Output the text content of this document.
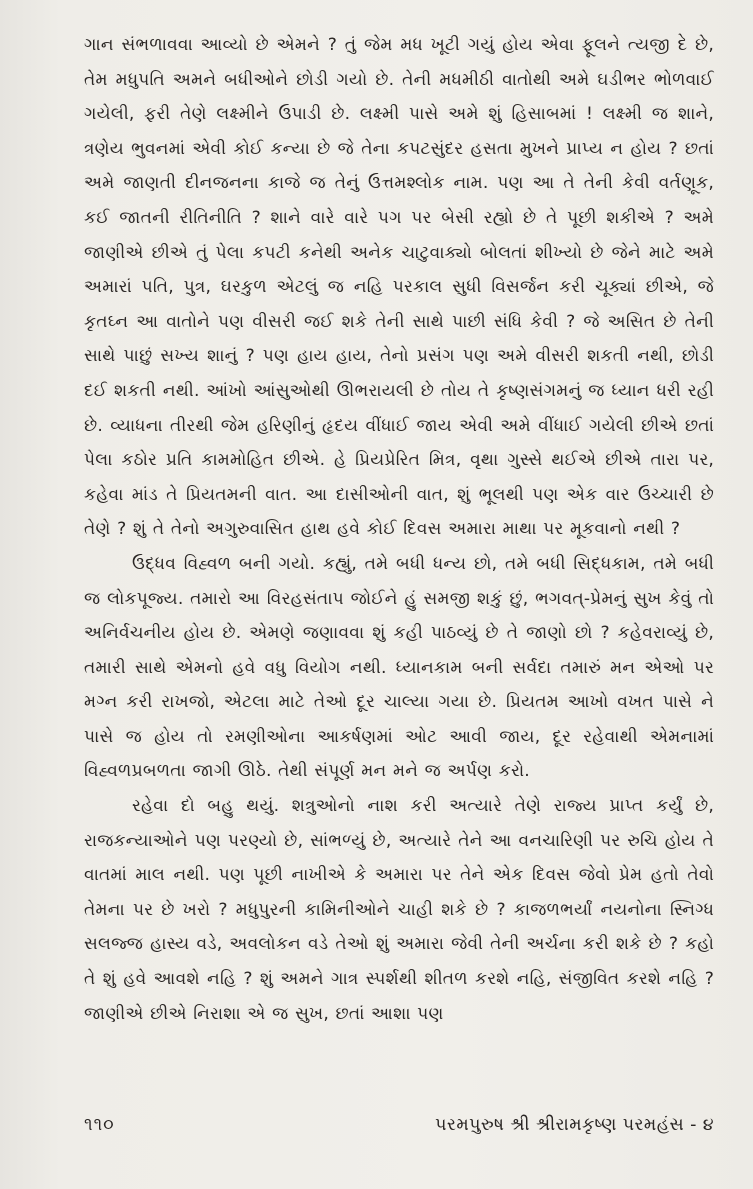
ગાન સંભળાવવા આવ્યો છે એમને ? તું જેમ મધ ખૂટી ગયું હોય એવા ફૂલને ત્યજી દે છે, તેમ મધુપતિ અમને બધીઓને છોડી ગયો છે. તેની મધમીઠી વાતોથી અમે ઘડીભર ભોળવાઈ ગયેલી, ફરી તેણે લક્ષ્મીને ઉપાડી છે. લક્ષ્મી પાસે અમે શું હિસાબમાં ! લક્ષ્મી જ શાને, ત્રણેય ભુવનમાં એવી કોઈ કન્યા છે જે તેના કપટસુંદર હસતા મુખને પ્રાપ્ય ન હોય ? છતાં અમે જાણતી દીનજનના કાજે જ તેનું ઉત્તમશ્લોક નામ. પણ આ તે તેની કેવી વર્તણૂક, કઈ જાતની રીતિનીતિ ? શાને વારે વારે પગ પર બેસી રહ્યો છે તે પૂછી શકીએ ? અમે જાણીએ છીએ તું પેલા કપટી કનેથી અનેક ચાટુવાક્યો બોલતાં શીખ્યો છે જેને માટે અમે અમારાં પતિ, પુત્ર, ઘરકુળ એટલું જ નહિ પરકાલ સુધી વિસર્જન કરી ચૂક્યાં છીએ, જે કૃતઘ્ન આ વાતોને પણ વીસરી જઈ શકે તેની સાથે પાછી સંધિ કેવી ? જે અસિત છે તેની સાથે પાછું સખ્ય શાનું ? પણ હાય હાય, તેનો પ્રસંગ પણ અમે વીસરી શકતી નથી, છોડી દઈ શકતી નથી. આંખો આંસુઓથી ઊભરાયલી છે તોય તે કૃષ્ણસંગમનું જ ધ્યાન ધરી રહી છે. વ્યાધના તીરથી જેમ હરિણીનું હૃદય વીંધાઈ જાય એવી અમે વીંધાઈ ગયેલી છીએ છતાં પેલા કઠોર પ્રતિ કામમોહિત છીએ. હે પ્રિયપ્રેરિત મિત્ર, વૃથા ગુસ્સે થઈએ છીએ તારા પર, કહેવા માંડ તે પ્રિયતમની વાત. આ દાસીઓની વાત, શું ભૂલથી પણ એક વાર ઉચ્ચારી છે તેણે ? શું તે તેનો અગુરુવાસિત હાથ હવે કોઈ દિવસ અમારા માથા પર મૂકવાનો નથી ?

ઉદ્ધવ વિહ્વળ બની ગયો. કહ્યું, તમે બધી ધન્ય છો, તમે બધી સિદ્ધકામ, તમે બધી જ લોકપૂજ્ય. તમારો આ વિરહસંતાપ જોઈને હું સમજી શકું છું, ભગવત્-પ્રેમનું સુખ કેવું તો અનિર્વચનીય હોય છે. એમણે જણાવવા શું કહી પાઠવ્યું છે તે જાણો છો ? કહેવરાવ્યું છે, તમારી સાથે એમનો હવે વધુ વિયોગ નથી. ધ્યાનકામ બની સર્વદા તમારું મન એઓ પર મગ્ન કરી રાખજો, એટલા માટે તેઓ દૂર ચાલ્યા ગયા છે. પ્રિયતમ આખો વખત પાસે ને પાસે જ હોય તો રમણીઓના આકર્ષણમાં ઓટ આવી જાય, દૂર રહેવાથી એમનામાં વિહ્વળપ્રબળતા જાગી ઊઠે. તેથી સંપૂર્ણ મન મને જ અર્પણ કરો.

રહેવા દો બહુ થયું. શત્રુઓનો નાશ કરી અત્યારે તેણે રાજ્ય પ્રાપ્ત કર્યું છે, રાજકન્યાઓને પણ પરણ્યો છે, સાંભળ્યું છે, અત્યારે તેને આ વનચારિણી પર રુચિ હોય તે વાતમાં માલ નથી. પણ પૂછી નાખીએ કે અમારા પર તેને એક દિવસ જેવો પ્રેમ હતો તેવો તેમના પર છે ખરો ? મધુપુરની કામિનીઓને ચાહી શકે છે ? કાજળભર્યાં નયનોના સ્નિગ્ધ સલજ્જ હાસ્ય વડે, અવલોકન વડે તેઓ શું અમારા જેવી તેની અર્ચના કરી શકે છે ? કહો તે શું હવે આવશે નહિ ? શું અમને ગાત્ર સ્પર્શથી શીતળ કરશે નહિ, સંજીવિત કરશે નહિ ? જાણીએ છીએ નિરાશા એ જ સુખ, છતાં આશા પણ

૧૧૦	પરમપુરુષ શ્રી શ્રીરામકૃષ્ણ પરમહંસ - ૪
